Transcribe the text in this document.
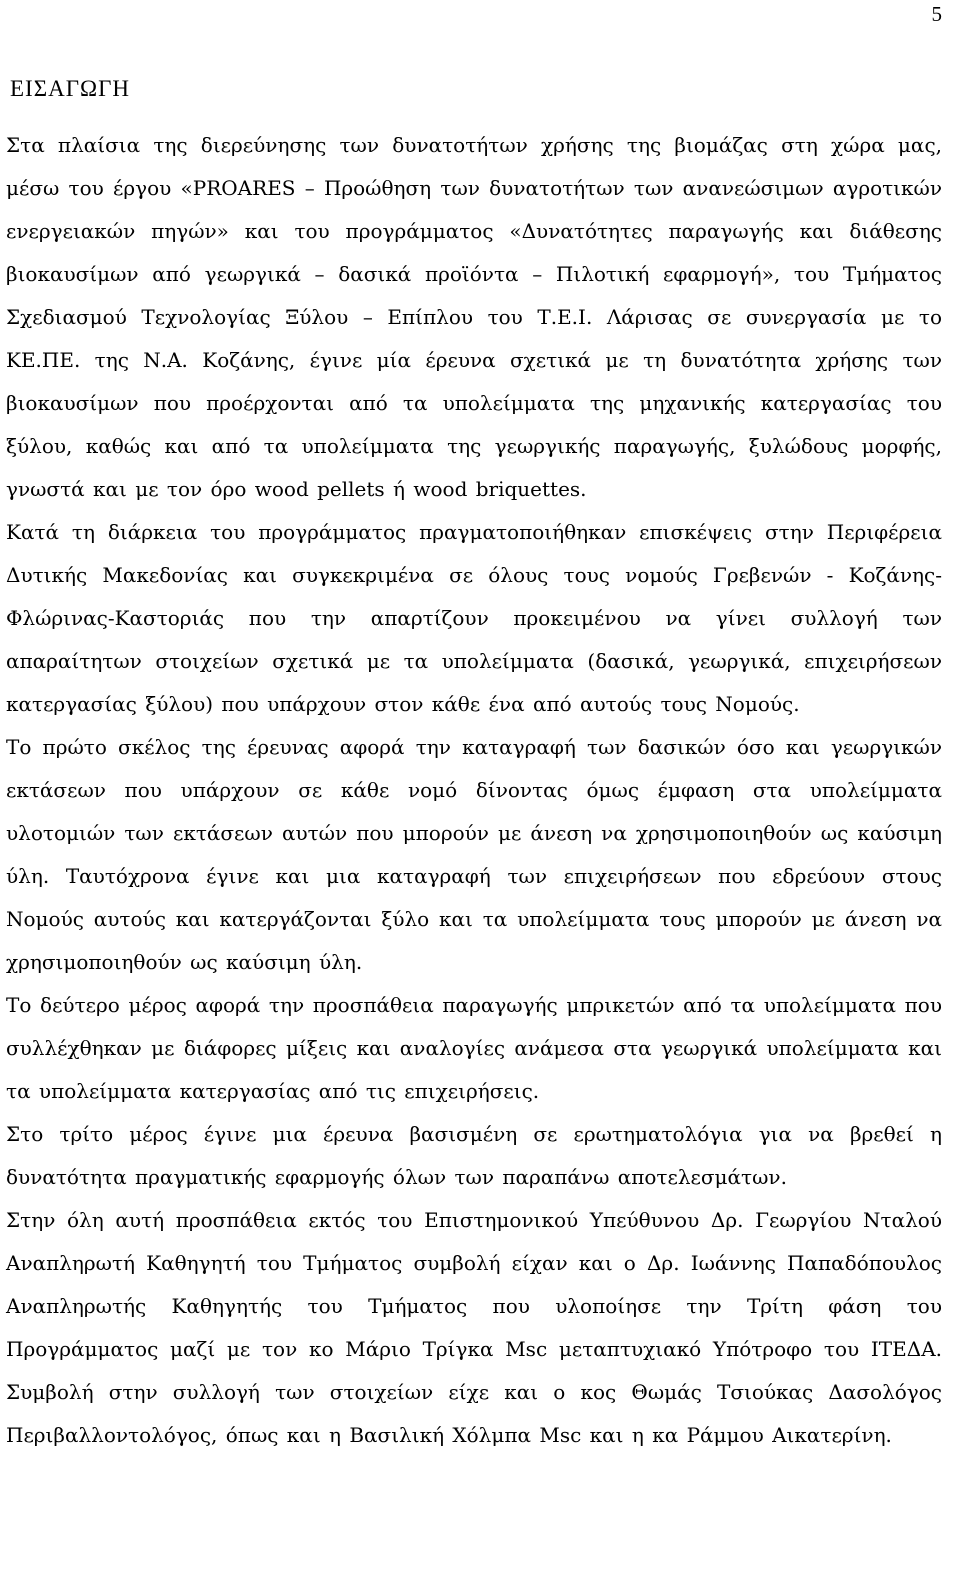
5
ΕΙΣΑΓΩΓΗ

Στα πλαίσια της διερεύνησης των δυνατοτήτων χρήσης της βιομάζας στη χώρα μας, μέσω του έργου «PROARES – Προώθηση των δυνατοτήτων των ανανεώσιμων αγροτικών ενεργειακών πηγών» και του προγράμματος «Δυνατότητες παραγωγής και διάθεσης βιοκαυσίμων από γεωργικά – δασικά προϊόντα – Πιλοτική εφαρμογή», του Τμήματος Σχεδιασμού Τεχνολογίας Ξύλου – Επίπλου του Τ.Ε.Ι. Λάρισας σε συνεργασία με το ΚΕ.ΠΕ. της Ν.Α. Κοζάνης, έγινε μία έρευνα σχετικά με τη δυνατότητα χρήσης των βιοκαυσίμων που προέρχονται από τα υπολείμματα της μηχανικής κατεργασίας του ξύλου, καθώς και από τα υπολείμματα της γεωργικής παραγωγής, ξυλώδους μορφής, γνωστά και με τον όρο wood pellets ή wood briquettes.

Κατά τη διάρκεια του προγράμματος πραγματοποιήθηκαν επισκέψεις στην Περιφέρεια Δυτικής Μακεδονίας και συγκεκριμένα σε όλους τους νομούς Γρεβενών - Κοζάνης-Φλώρινας-Καστοριάς που την απαρτίζουν προκειμένου να γίνει συλλογή των απαραίτητων στοιχείων σχετικά με τα υπολείμματα (δασικά, γεωργικά, επιχειρήσεων κατεργασίας ξύλου) που υπάρχουν στον κάθε ένα από αυτούς τους Νομούς.

Το πρώτο σκέλος της έρευνας αφορά την καταγραφή των δασικών όσο και γεωργικών εκτάσεων που υπάρχουν σε κάθε νομό δίνοντας όμως έμφαση στα υπολείμματα υλοτομιών των εκτάσεων αυτών που μπορούν με άνεση να χρησιμοποιηθούν ως καύσιμη ύλη. Ταυτόχρονα έγινε και μια καταγραφή των επιχειρήσεων που εδρεύουν στους Νομούς αυτούς και κατεργάζονται ξύλο και τα υπολείμματα τους μπορούν με άνεση να χρησιμοποιηθούν ως καύσιμη ύλη.

Το δεύτερο μέρος αφορά την προσπάθεια παραγωγής μπρικετών από τα υπολείμματα που συλλέχθηκαν με διάφορες μίξεις και αναλογίες ανάμεσα στα γεωργικά υπολείμματα και τα υπολείμματα κατεργασίας από τις επιχειρήσεις.

Στο τρίτο μέρος έγινε μια έρευνα βασισμένη σε ερωτηματολόγια για να βρεθεί η δυνατότητα πραγματικής εφαρμογής όλων των παραπάνω αποτελεσμάτων.

Στην όλη αυτή προσπάθεια εκτός του Επιστημονικού Υπεύθυνου Δρ. Γεωργίου Νταλού Αναπληρωτή Καθηγητή του Τμήματος συμβολή είχαν και ο Δρ. Ιωάννης Παπαδόπουλος Αναπληρωτής Καθηγητής του Τμήματος που υλοποίησε την Τρίτη φάση του Προγράμματος μαζί με τον κο Μάριο Τρίγκα Msc μεταπτυχιακό Υπότροφο του ΙΤΕΔΑ. Συμβολή στην συλλογή των στοιχείων είχε και ο κος Θωμάς Τσιούκας Δασολόγος Περιβαλλοντολόγος, όπως και η Βασιλική Χόλμπα Msc και η κα Ράμμου Αικατερίνη.
